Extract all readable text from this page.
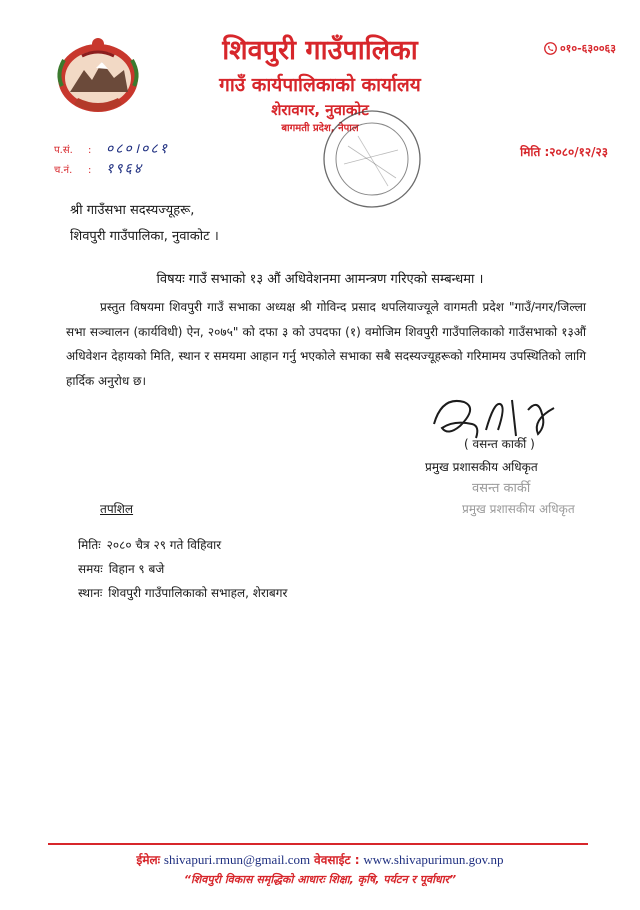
शिवपुरी गाउँपालिका
गाउँ कार्यपालिकाको कार्यालय
शेरावगर, नुवाकोट
बागमती प्रदेश, नेपाल
०१०-६३००६३
प.सं.	:	०८०।०८१
च.नं.	:	१९६४
मिति :२०८०/१२/२३
श्री गाउँसभा सदस्यज्यूहरू,
शिवपुरी गाउँपालिका, नुवाकोट ।
विषयः गाउँ सभाको १३ औं अधिवेशनमा आमन्त्रण गरिएको सम्बन्धमा ।
प्रस्तुत विषयमा शिवपुरी गाउँ सभाका अध्यक्ष श्री गोविन्द प्रसाद थपलियाज्यूले वागमती प्रदेश "गाउँ/नगर/जिल्ला सभा सञ्चालन (कार्यविधी) ऐन, २०७५" को दफा ३ को उपदफा (१) वमोजिम शिवपुरी गाउँपालिकाको गाउँसभाको १३औं अधिवेशन देहायको मिति, स्थान र समयमा आहान गर्नु भएकोले सभाका सबै सदस्यज्यूहरूको गरिमामय उपस्थितिको लागि हार्दिक अनुरोध छ।
( वसन्त कार्की )
प्रमुख प्रशासकीय अधिकृत
वसन्त कार्की
प्रमुख प्रशासकीय अधिकृत
तपशिल
मितिः २०८० चैत्र २९ गते विहिवार
समयः विहान ९ बजे
स्थानः शिवपुरी गाउँपालिकाको सभाहल, शेराबगर
ईमेलः shivapuri.rmun@gmail.com वेवसाईट : www.shivapurimun.gov.np
“शिवपुरी विकास समृद्धिको आधारः शिक्षा, कृषि, पर्यटन र पूर्वाधार”
